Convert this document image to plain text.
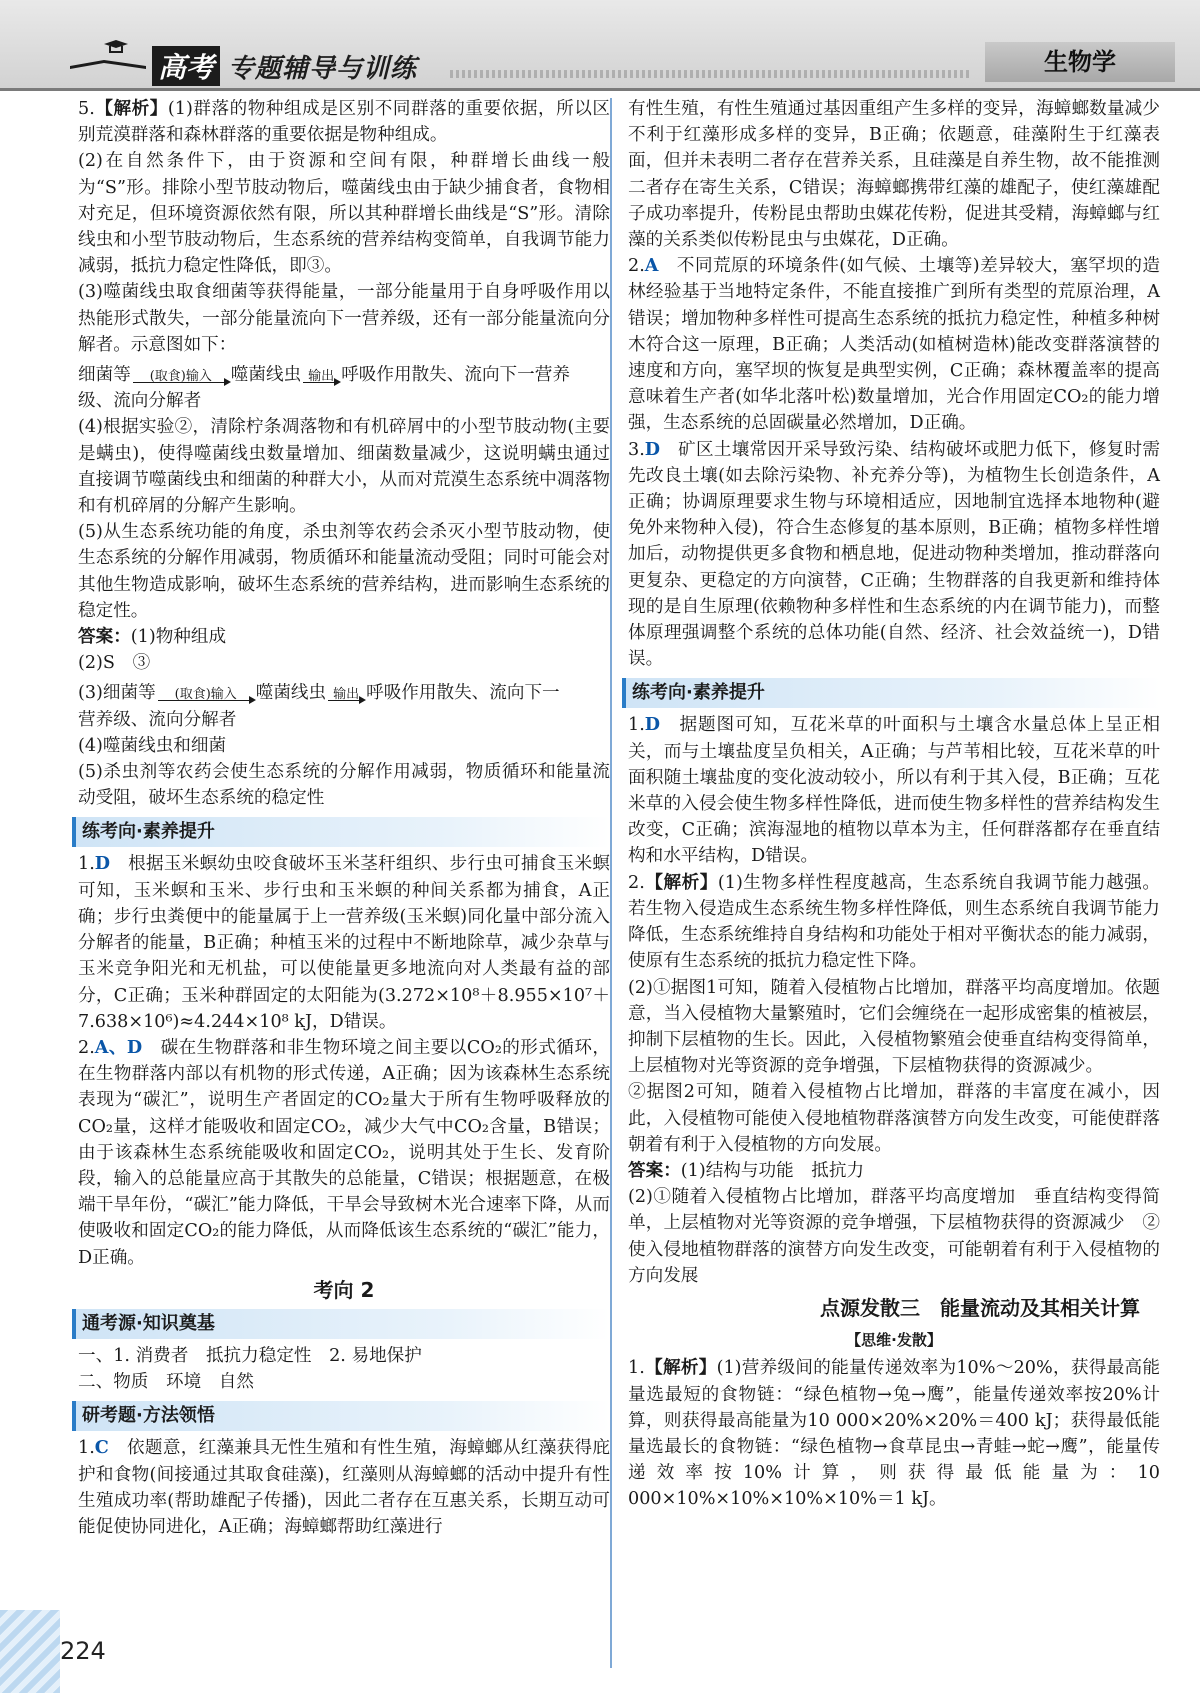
高考 专题辅导与训练	生物学

5.【解析】(1)群落的物种组成是区别不同群落的重要依据，所以区别荒漠群落和森林群落的重要依据是物种组成。

(2)在自然条件下，由于资源和空间有限，种群增长曲线一般为“S”形。排除小型节肢动物后，噬菌线虫由于缺少捕食者，食物相对充足，但环境资源依然有限，所以其种群增长曲线是“S”形。清除线虫和小型节肢动物后，生态系统的营养结构变简单，自我调节能力减弱，抵抗力稳定性降低，即③。

(3)噬菌线虫取食细菌等获得能量，一部分能量用于自身呼吸作用以热能形式散失，一部分能量流向下一营养级，还有一部分能量流向分解者。示意图如下：

细菌等	(取食)输入	噬菌线虫 输出 呼吸作用散失、流向下一营养

级、流向分解者

(4)根据实验②，清除柠条凋落物和有机碎屑中的小型节肢动物(主要是螨虫)，使得噬菌线虫数量增加、细菌数量减少，这说明螨虫通过直接调节噬菌线虫和细菌的种群大小，从而对荒漠生态系统中凋落物和有机碎屑的分解产生影响。

(5)从生态系统功能的角度，杀虫剂等农药会杀灭小型节肢动物，使生态系统的分解作用减弱，物质循环和能量流动受阻；同时可能会对其他生物造成影响，破坏生态系统的营养结构，进而影响生态系统的稳定性。

答案：(1)物种组成

(2)S　③

(3)细菌等	(取食)输入	噬菌线虫 输出 呼吸作用散失、流向下一

营养级、流向分解者

(4)噬菌线虫和细菌

(5)杀虫剂等农药会使生态系统的分解作用减弱，物质循环和能量流动受阻，破坏生态系统的稳定性

练考向·素养提升

1.D　根据玉米螟幼虫咬食破坏玉米茎秆组织、步行虫可捕食玉米螟可知，玉米螟和玉米、步行虫和玉米螟的种间关系都为捕食，A正确；步行虫粪便中的能量属于上一营养级(玉米螟)同化量中部分流入分解者的能量，B正确；种植玉米的过程中不断地除草，减少杂草与玉米竞争阳光和无机盐，可以使能量更多地流向对人类最有益的部分，C正确；玉米种群固定的太阳能为(3.272×10⁸＋8.955×10⁷＋7.638×10⁶)≈4.244×10⁸ kJ，D错误。

2.A、D　碳在生物群落和非生物环境之间主要以CO₂的形式循环，在生物群落内部以有机物的形式传递，A正确；因为该森林生态系统表现为“碳汇”，说明生产者固定的CO₂量大于所有生物呼吸释放的CO₂量，这样才能吸收和固定CO₂，减少大气中CO₂含量，B错误；由于该森林生态系统能吸收和固定CO₂，说明其处于生长、发育阶段，输入的总能量应高于其散失的总能量，C错误；根据题意，在极端干旱年份，“碳汇”能力降低，干旱会导致树木光合速率下降，从而使吸收和固定CO₂的能力降低，从而降低该生态系统的“碳汇”能力，D正确。

考向 2
通考源·知识奠基

一、1. 消费者　抵抗力稳定性　2. 易地保护

二、物质　环境　自然

研考题·方法领悟

1.C　依题意，红藻兼具无性生殖和有性生殖，海蟑螂从红藻获得庇护和食物(间接通过其取食硅藻)，红藻则从海蟑螂的活动中提升有性生殖成功率(帮助雄配子传播)，因此二者存在互惠关系，长期互动可能促使协同进化，A正确；海蟑螂帮助红藻进行

有性生殖，有性生殖通过基因重组产生多样的变异，海蟑螂数量减少不利于红藻形成多样的变异，B正确；依题意，硅藻附生于红藻表面，但并未表明二者存在营养关系，且硅藻是自养生物，故不能推测二者存在寄生关系，C错误；海蟑螂携带红藻的雄配子，使红藻雄配子成功率提升，传粉昆虫帮助虫媒花传粉，促进其受精，海蟑螂与红藻的关系类似传粉昆虫与虫媒花，D正确。

2.A　不同荒原的环境条件(如气候、土壤等)差异较大，塞罕坝的造林经验基于当地特定条件，不能直接推广到所有类型的荒原治理，A错误；增加物种多样性可提高生态系统的抵抗力稳定性，种植多种树木符合这一原理，B正确；人类活动(如植树造林)能改变群落演替的速度和方向，塞罕坝的恢复是典型实例，C正确；森林覆盖率的提高意味着生产者(如华北落叶松)数量增加，光合作用固定CO₂的能力增强，生态系统的总固碳量必然增加，D正确。

3.D　矿区土壤常因开采导致污染、结构破坏或肥力低下，修复时需先改良土壤(如去除污染物、补充养分等)，为植物生长创造条件，A正确；协调原理要求生物与环境相适应，因地制宜选择本地物种(避免外来物种入侵)，符合生态修复的基本原则，B正确；植物多样性增加后，动物提供更多食物和栖息地，促进动物种类增加，推动群落向更复杂、更稳定的方向演替，C正确；生物群落的自我更新和维持体现的是自生原理(依赖物种多样性和生态系统的内在调节能力)，而整体原理强调整个系统的总体功能(自然、经济、社会效益统一)，D错误。

练考向·素养提升

1.D　据题图可知，互花米草的叶面积与土壤含水量总体上呈正相关，而与土壤盐度呈负相关，A正确；与芦苇相比较，互花米草的叶面积随土壤盐度的变化波动较小，所以有利于其入侵，B正确；互花米草的入侵会使生物多样性降低，进而使生物多样性的营养结构发生改变，C正确；滨海湿地的植物以草本为主，任何群落都存在垂直结构和水平结构，D错误。

2.【解析】(1)生物多样性程度越高，生态系统自我调节能力越强。若生物入侵造成生态系统生物多样性降低，则生态系统自我调节能力降低，生态系统维持自身结构和功能处于相对平衡状态的能力减弱，使原有生态系统的抵抗力稳定性下降。

(2)①据图1可知，随着入侵植物占比增加，群落平均高度增加。依题意，当入侵植物大量繁殖时，它们会缠绕在一起形成密集的植被层，抑制下层植物的生长。因此，入侵植物繁殖会使垂直结构变得简单，上层植物对光等资源的竞争增强，下层植物获得的资源减少。

②据图2可知，随着入侵植物占比增加，群落的丰富度在减小，因此，入侵植物可能使入侵地植物群落演替方向发生改变，可能使群落朝着有利于入侵植物的方向发展。

答案：(1)结构与功能　抵抗力

(2)①随着入侵植物占比增加，群落平均高度增加　垂直结构变得简单，上层植物对光等资源的竞争增强，下层植物获得的资源减少　②使入侵地植物群落的演替方向发生改变，可能朝着有利于入侵植物的方向发展

点源发散三　能量流动及其相关计算
【思维·发散】

1.【解析】(1)营养级间的能量传递效率为10%～20%，获得最高能量选最短的食物链：“绿色植物→兔→鹰”，能量传递效率按20%计算，则获得最高能量为10 000×20%×20%＝400 kJ；获得最低能量选最长的食物链：“绿色植物→食草昆虫→青蛙→蛇→鹰”，能量传递效率按10%计算，则获得最低能量为：10 000×10%×10%×10%×10%＝1 kJ。

224
